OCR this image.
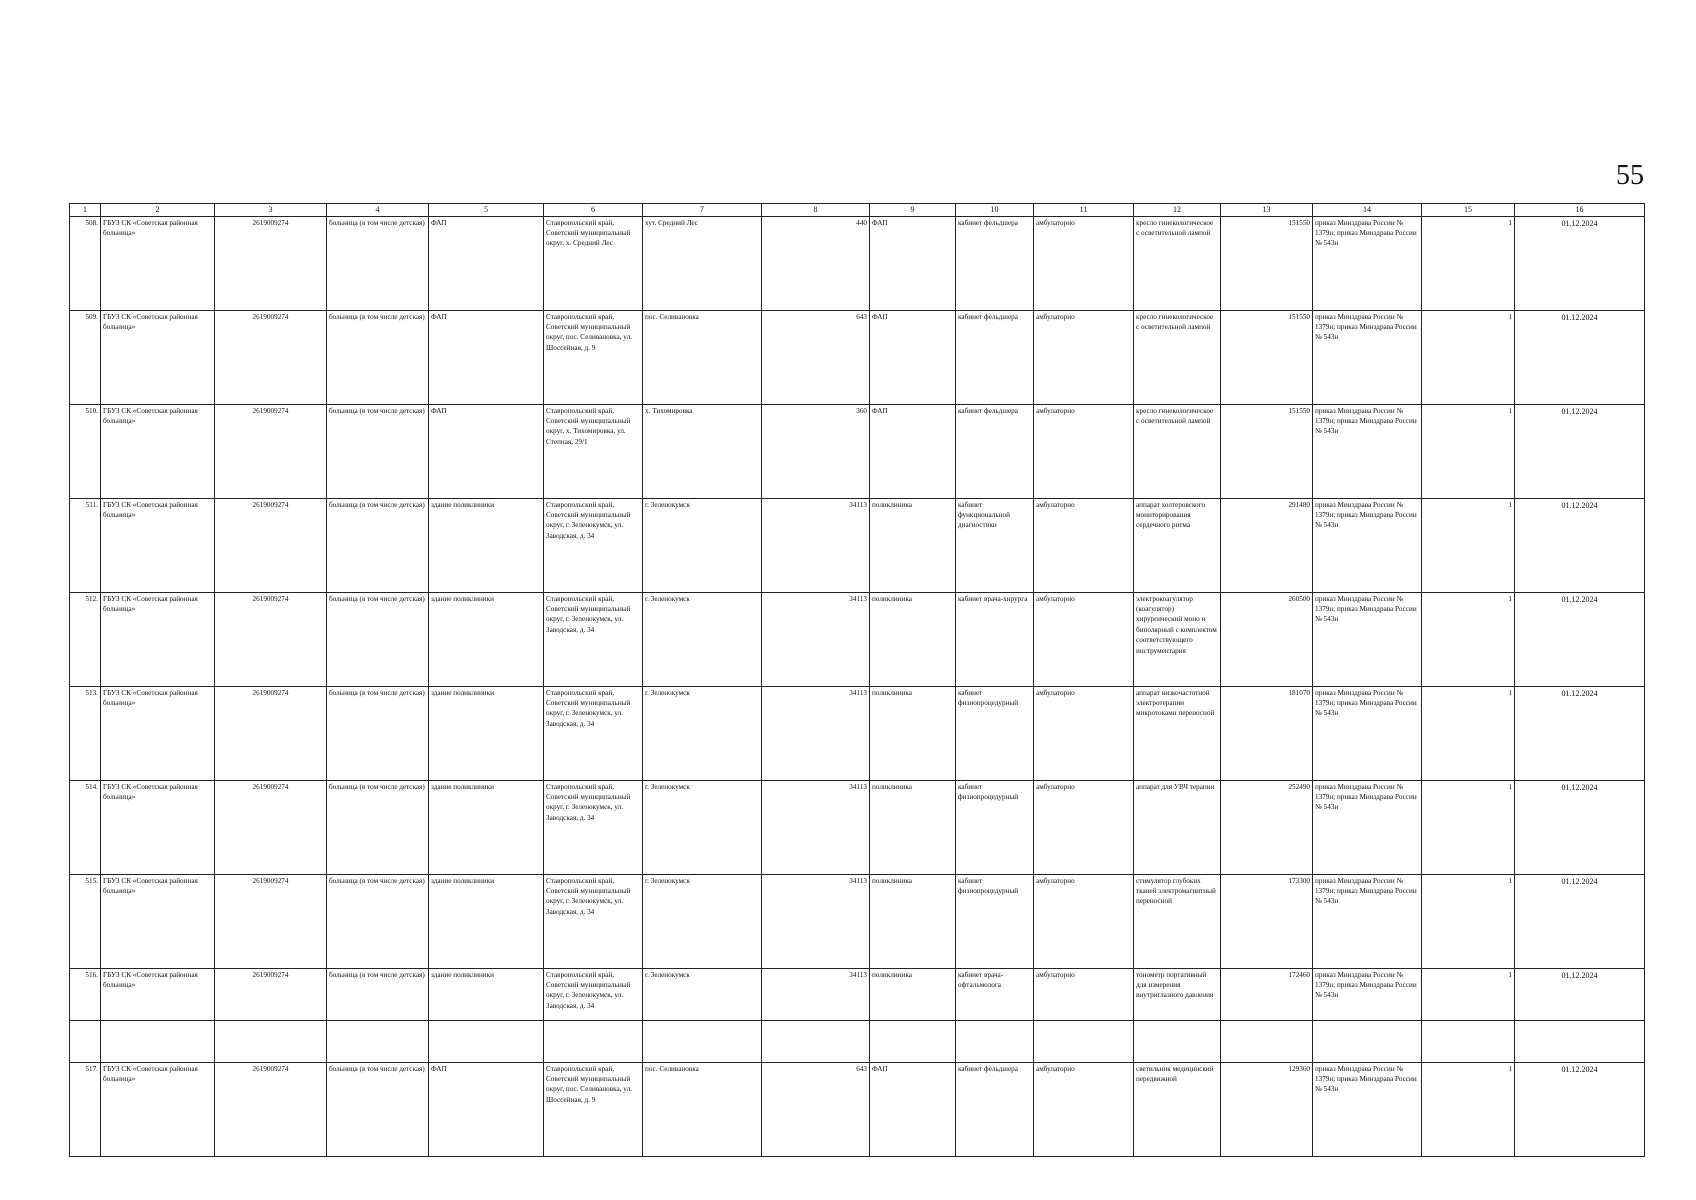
55
1	2	3	4	5	6	7	8	9	10	11	12	13	14	15	16
508.	ГБУЗ СК «Советская районная больница»	2619009274	больница (в том числе детская)	ФАП	Ставропольский край, Советский муниципальный округ, х. Средний Лес	хут. Средний Лес	440	ФАП	кабинет фельдшера	амбулаторно	кресло гинекологическое с осветительной лампой	151550	приказ Минздрава России № 1379н; приказ Минздрава России № 543н	1	01.12.2024
509.	ГБУЗ СК «Советская районная больница»	2619009274	больница (в том числе детская)	ФАП	Ставропольский край, Советский муниципальный округ, пос. Селивановка, ул. Шоссейная, д. 9	пос. Селивановка	643	ФАП	кабинет фельдшера	амбулаторно	кресло гинекологическое с осветительной лампой	151550	приказ Минздрава России № 1379н; приказ Минздрава России № 543н	1	01.12.2024
510.	ГБУЗ СК «Советская районная больница»	2619009274	больница (в том числе детская)	ФАП	Ставропольский край, Советский муниципальный округ, х. Тихомировка, ул. Степная, 29/1	х. Тихомировка	360	ФАП	кабинет фельдшера	амбулаторно	кресло гинекологическое с осветительной лампой	151550	приказ Минздрава России № 1379н; приказ Минздрава России № 543н	1	01.12.2024
511.	ГБУЗ СК «Советская районная больница»	2619009274	больница (в том числе детская)	здание поликлиники	Ставропольский край, Советский муниципальный округ, г. Зеленокумск, ул. Заводская, д. 34	г. Зеленокумск	34113	поликлиника	кабинет функциональной диагностики	амбулаторно	аппарат холтеровского мониторирования сердечного ритма	291480	приказ Минздрава России № 1379н; приказ Минздрава России № 543н	1	01.12.2024
512.	ГБУЗ СК «Советская районная больница»	2619009274	больница (в том числе детская)	здание поликлиники	Ставропольский край, Советский муниципальный округ, г. Зеленокумск, ул. Заводская, д. 34	г. Зеленокумск	34113	поликлиника	кабинет врача-хирурга	амбулаторно	электрокоагулятор (коагулятор) хирургический моно и биполярный с комплектом соответствующего инструментария	260500	приказ Минздрава России № 1379н; приказ Минздрава России № 543н	1	01.12.2024
513.	ГБУЗ СК «Советская районная больница»	2619009274	больница (в том числе детская)	здание поликлиники	Ставропольский край, Советский муниципальный округ, г. Зеленокумск, ул. Заводская, д. 34	г. Зеленокумск	34113	поликлиника	кабинет физиопроцедурный	амбулаторно	аппарат низкочастотной электротерапии микротоками переносной	181070	приказ Минздрава России № 1379н; приказ Минздрава России № 543н	1	01.12.2024
514.	ГБУЗ СК «Советская районная больница»	2619009274	больница (в том числе детская)	здание поликлиники	Ставропольский край, Советский муниципальный округ, г. Зеленокумск, ул. Заводская, д. 34	г. Зеленокумск	34113	поликлиника	кабинет физиопроцедурный	амбулаторно	аппарат для УВЧ терапии	252490	приказ Минздрава России № 1379н; приказ Минздрава России № 543н	1	01.12.2024
515.	ГБУЗ СК «Советская районная больница»	2619009274	больница (в том числе детская)	здание поликлиники	Ставропольский край, Советский муниципальный округ, г. Зеленокумск, ул. Заводская, д. 34	г. Зеленокумск	34113	поликлиника	кабинет физиопроцедурный	амбулаторно	стимулятор глубоких тканей электромагнитный переносной	173300	приказ Минздрава России № 1379н; приказ Минздрава России № 543н	1	01.12.2024
516.	ГБУЗ СК «Советская районная больница»	2619009274	больница (в том числе детская)	здание поликлиники	Ставропольский край, Советский муниципальный округ, г. Зеленокумск, ул. Заводская, д. 34	г. Зеленокумск	34113	поликлиника	кабинет врача-офтальмолога	амбулаторно	тонометр портативный для измерения внутриглазного давления	172460	приказ Минздрава России № 1379н; приказ Минздрава России № 543н	1	01.12.2024
517.	ГБУЗ СК «Советская районная больница»	2619009274	больница (в том числе детская)	ФАП	Ставропольский край, Советский муниципальный округ, пос. Селивановка, ул. Шоссейная, д. 9	пос. Селивановка	643	ФАП	кабинет фельдшера	амбулаторно	светильник медицинский передвижной	129360	приказ Минздрава России № 1379н; приказ Минздрава России № 543н	1	01.12.2024
